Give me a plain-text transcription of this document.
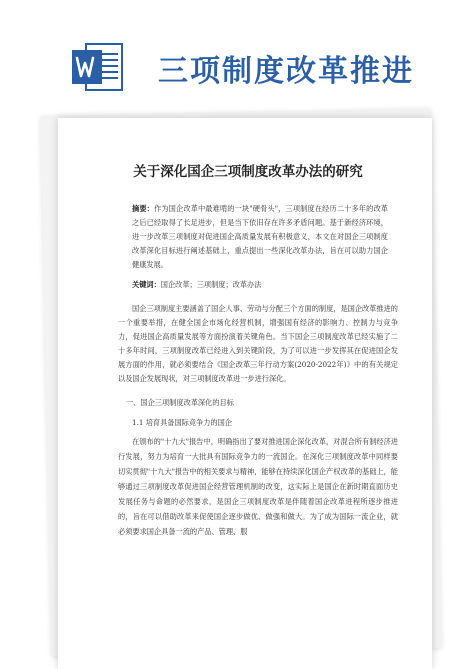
三项制度改革推进
关于深化国企三项制度改革办法的研究
摘要：作为国企改革中最难啃的一块"硬骨头"，三项制度在经历二十多年的改革之后已经取得了长足进步，但是当下依旧存在许多矛盾问题。基于新经济环境，进一步改革三项制度对促进国企高质量发展有积极意义，本文在对国企三项制度改革深化目标进行阐述基础上，重点提出一些深化改革办法，旨在可以助力国企健康发展。
关键词：国企改革；三项制度；改革办法
国企三项制度主要涵盖了国企人事、劳动与分配三个方面的制度，是国企改革推进的一个重要举措，在健全国企市场化经营机制，增强国有经济的影响力、控制力与竞争力，促进国企高质量发展等方面扮演着关键角色。当下国企三项制度改革已经实施了二十多年时间，三项制度改革已经进入到关键阶段，为了可以进一步发挥其在促进国企发展方面的作用，就必须要结合《国企改革三年行动方案(2020-2022年)》中的有关规定以及国企发展现状，对三项制度改革进一步进行深化。
一、国企三项制度改革深化的目标
1.1 培育具备国际竞争力的国企
在颁布的"十九大"报告中，明确指出了要对推进国企深化改革，对混合所有制经济进行发展，努力为培育一大批具有国际竞争力的一流国企。在深化三项制度改革中同样要切实贯彻"十九大"报告中的相关要求与精神，能够在持续深化国企产权改革的基础上，能够通过三项制度改革促进国企经营管理机制的改变，这实际上是国企在新时期直面历史发展任务与命题的必然要求，是国企三项制度改革是伴随着国企改革进程所逐步推进的，旨在可以借助改革来促使国企逐步做优、做强和做大。为了成为国际一流企业，就必须要求国企具备一流的产品、管理、服
